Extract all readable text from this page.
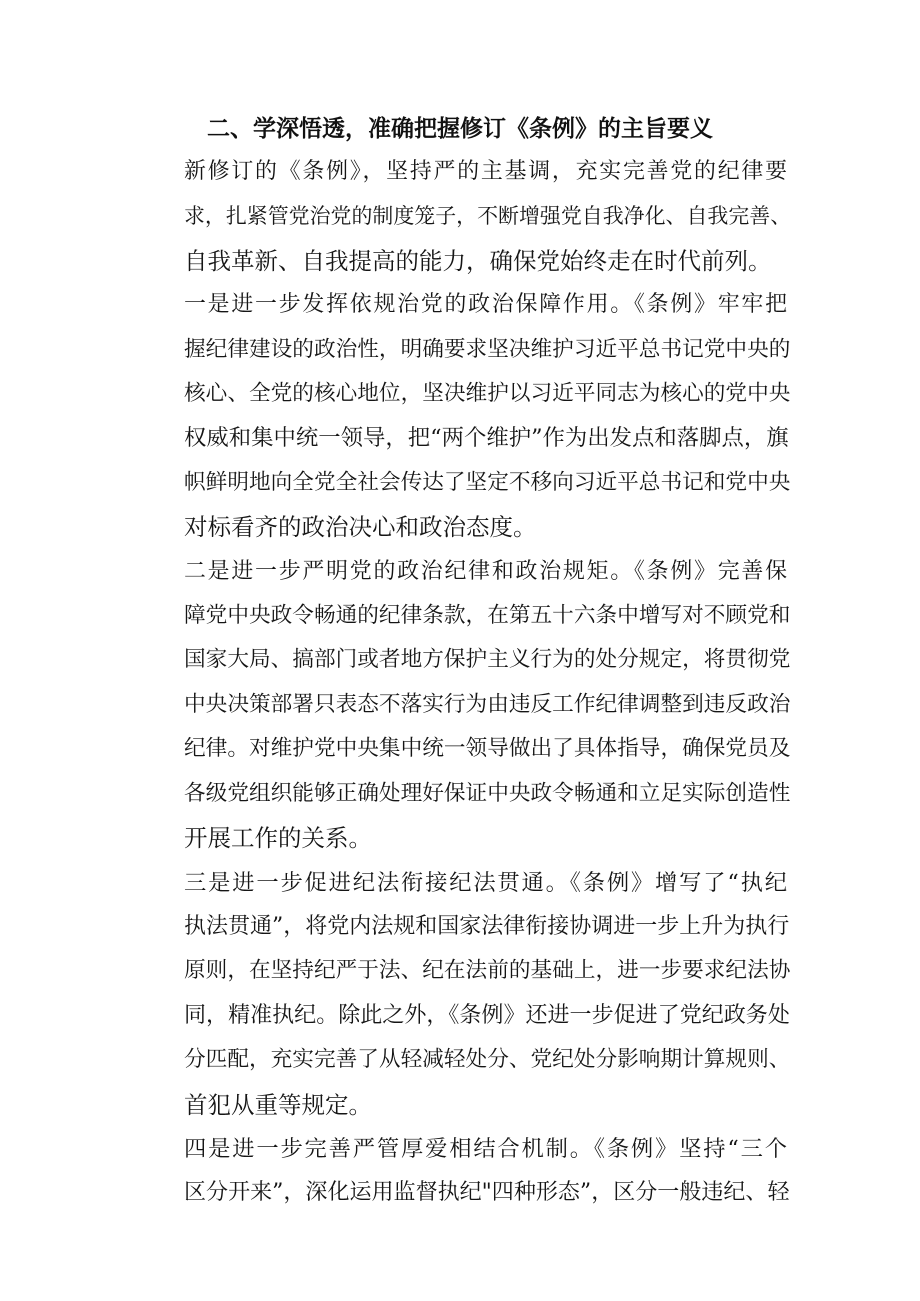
二、学深悟透，准确把握修订《条例》的主旨要义

新修订的《条例》，坚持严的主基调，充实完善党的纪律要
求，扎紧管党治党的制度笼子，不断增强党自我净化、自我完善、
自我革新、自我提高的能力，确保党始终走在时代前列。

一是进一步发挥依规治党的政治保障作用。《条例》牢牢把
握纪律建设的政治性，明确要求坚决维护习近平总书记党中央的
核心、全党的核心地位，坚决维护以习近平同志为核心的党中央
权威和集中统一领导，把“两个维护”作为出发点和落脚点，旗
帜鲜明地向全党全社会传达了坚定不移向习近平总书记和党中央
对标看齐的政治决心和政治态度。

二是进一步严明党的政治纪律和政治规矩。《条例》完善保
障党中央政令畅通的纪律条款，在第五十六条中增写对不顾党和
国家大局、搞部门或者地方保护主义行为的处分规定，将贯彻党
中央决策部署只表态不落实行为由违反工作纪律调整到违反政治
纪律。对维护党中央集中统一领导做出了具体指导，确保党员及
各级党组织能够正确处理好保证中央政令畅通和立足实际创造性
开展工作的关系。

三是进一步促进纪法衔接纪法贯通。《条例》增写了“执纪
执法贯通”，将党内法规和国家法律衔接协调进一步上升为执行
原则，在坚持纪严于法、纪在法前的基础上，进一步要求纪法协
同，精准执纪。除此之外，《条例》还进一步促进了党纪政务处
分匹配，充实完善了从轻减轻处分、党纪处分影响期计算规则、
首犯从重等规定。

四是进一步完善严管厚爱相结合机制。《条例》坚持“三个
区分开来”，深化运用监督执纪"四种形态”，区分一般违纪、轻
